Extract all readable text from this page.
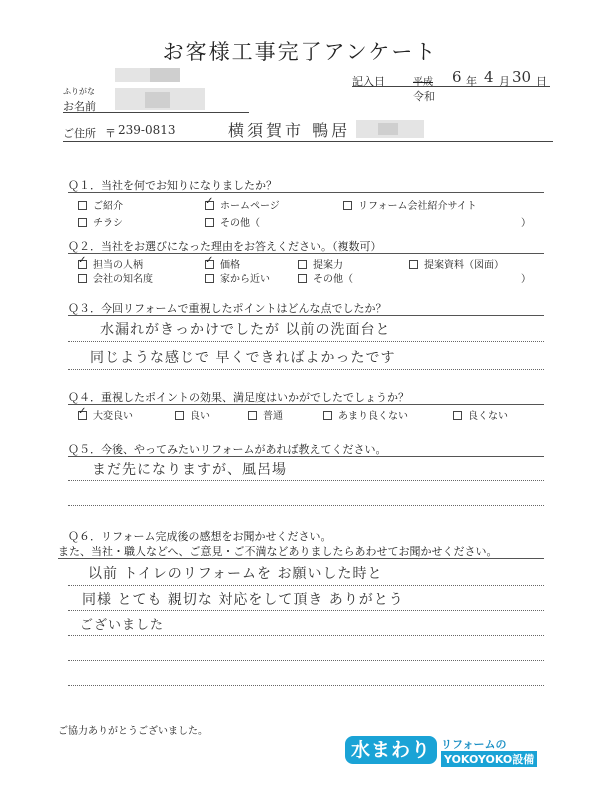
お客様工事完了アンケート
ふりがな
お名前
記入日	平成
令和
6 年 4 月 30 日
ご住所 〒 239-0813	横須賀市 鴨居
Ｑ１．当社を何でお知りになりましたか？
ご紹介 ✓	ホームページ	リフォーム会社紹介サイト
チラシ	その他（	）
Ｑ２．当社をお選びになった理由をお答えください。（複数可）
✓担当の人柄 ✓	価格	提案力	提案資料（図面）
会社の知名度	家から近い	その他（	）
Ｑ３．今回リフォームで重視したポイントはどんな点でしたか？
水漏れがきっかけでしたが 以前の洗面台と
同じような感じで 早くできればよかったです
Ｑ４．重視したポイントの効果、満足度はいかがでしたでしょうか？
✓大変良い	良い	普通	あまり良くない	良くない
Ｑ５．今後、やってみたいリフォームがあれば教えてください。
まだ先になりますが、風呂場
Ｑ６．リフォーム完成後の感想をお聞かせください。
また、当社・職人などへ、ご意見・ご不満などありましたらあわせてお聞かせください。
以前 トイレのリフォームを お願いした時と
同様 とても 親切な 対応をして頂き ありがとう
ございました
ご協力ありがとうございました。
水まわり リフォームの
YOKOYOKO設備
